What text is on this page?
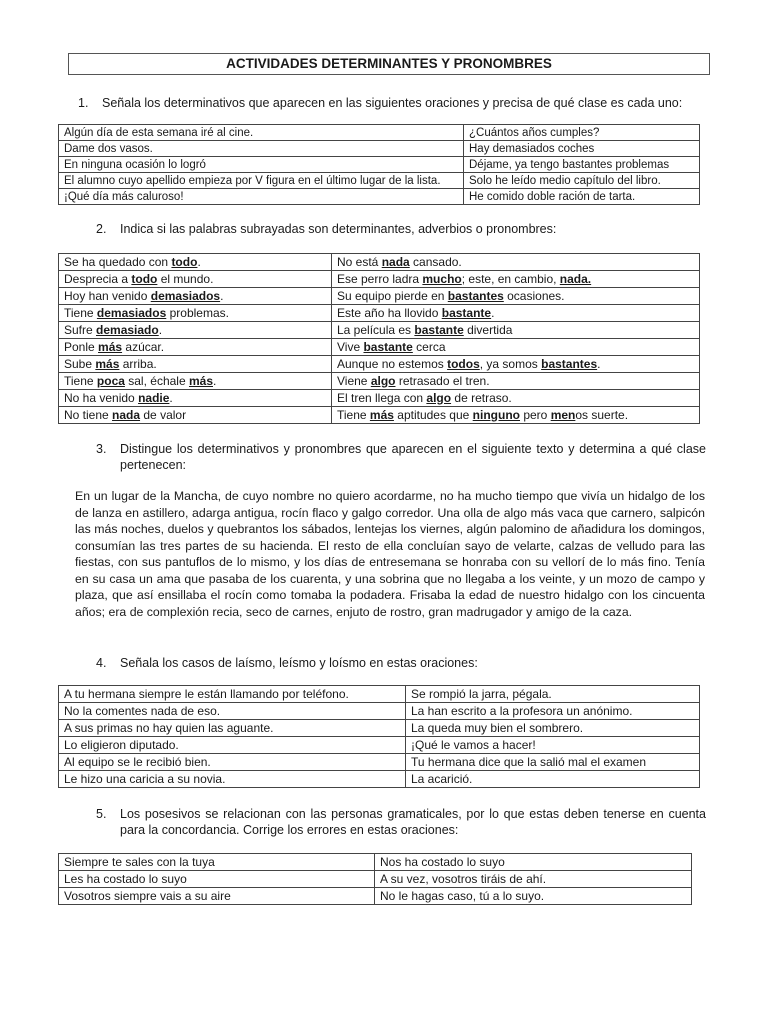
ACTIVIDADES DETERMINANTES Y PRONOMBRES
1. Señala los determinativos que aparecen en las siguientes oraciones y precisa de qué clase es cada uno:
Algún día de esta semana iré al cine.	¿Cuántos años cumples?
Dame dos vasos.	Hay demasiados coches
En ninguna ocasión lo logró	Déjame, ya tengo bastantes problemas
El alumno cuyo apellido empieza por V figura en el último lugar de la lista.	Solo he leído medio capítulo del libro.
¡Qué día más caluroso!	He comido doble ración de tarta.
2. Indica si las palabras subrayadas son determinantes, adverbios o pronombres:
Se ha quedado con todo.	No está nada cansado.
Desprecia a todo el mundo.	Ese perro ladra mucho; este, en cambio, nada.
Hoy han venido demasiados.	Su equipo pierde en bastantes ocasiones.
Tiene demasiados problemas.	Este año ha llovido bastante.
Sufre demasiado.	La película es bastante divertida
Ponle más azúcar.	Vive bastante cerca
Sube más arriba.	Aunque no estemos todos, ya somos bastantes.
Tiene poca sal, échale más.	Viene algo retrasado el tren.
No ha venido nadie.	El tren llega con algo de retraso.
No tiene nada de valor	Tiene más aptitudes que ninguno pero menos suerte.
3. Distingue los determinativos y pronombres que aparecen en el siguiente texto y determina a qué clase pertenecen:
En un lugar de la Mancha, de cuyo nombre no quiero acordarme, no ha mucho tiempo que vivía un hidalgo de los de lanza en astillero, adarga antigua, rocín flaco y galgo corredor. Una olla de algo más vaca que carnero, salpicón las más noches, duelos y quebrantos los sábados, lentejas los viernes, algún palomino de añadidura los domingos, consumían las tres partes de su hacienda. El resto de ella concluían sayo de velarte, calzas de velludo para las fiestas, con sus pantuflos de lo mismo, y los días de entresemana se honraba con su vellorí de lo más fino. Tenía en su casa un ama que pasaba de los cuarenta, y una sobrina que no llegaba a los veinte, y un mozo de campo y plaza, que así ensillaba el rocín como tomaba la podadera. Frisaba la edad de nuestro hidalgo con los cincuenta años; era de complexión recia, seco de carnes, enjuto de rostro, gran madrugador y amigo de la caza.
4. Señala los casos de laísmo, leísmo y loísmo en estas oraciones:
A tu hermana siempre le están llamando por teléfono.	Se rompió la jarra, pégala.
No la comentes nada de eso.	La han escrito a la profesora un anónimo.
A sus primas no hay quien las aguante.	La queda muy bien el sombrero.
Lo eligieron diputado.	¡Qué le vamos a hacer!
Al equipo se le recibió bien.	Tu hermana dice que la salió mal el examen
Le hizo una caricia a su novia.	La acarició.
5. Los posesivos se relacionan con las personas gramaticales, por lo que estas deben tenerse en cuenta para la concordancia. Corrige los errores en estas oraciones:
Siempre te sales con la tuya	Nos ha costado lo suyo
Les ha costado lo suyo	A su vez, vosotros tiráis de ahí.
Vosotros siempre vais a su aire	No le hagas caso, tú a lo suyo.
